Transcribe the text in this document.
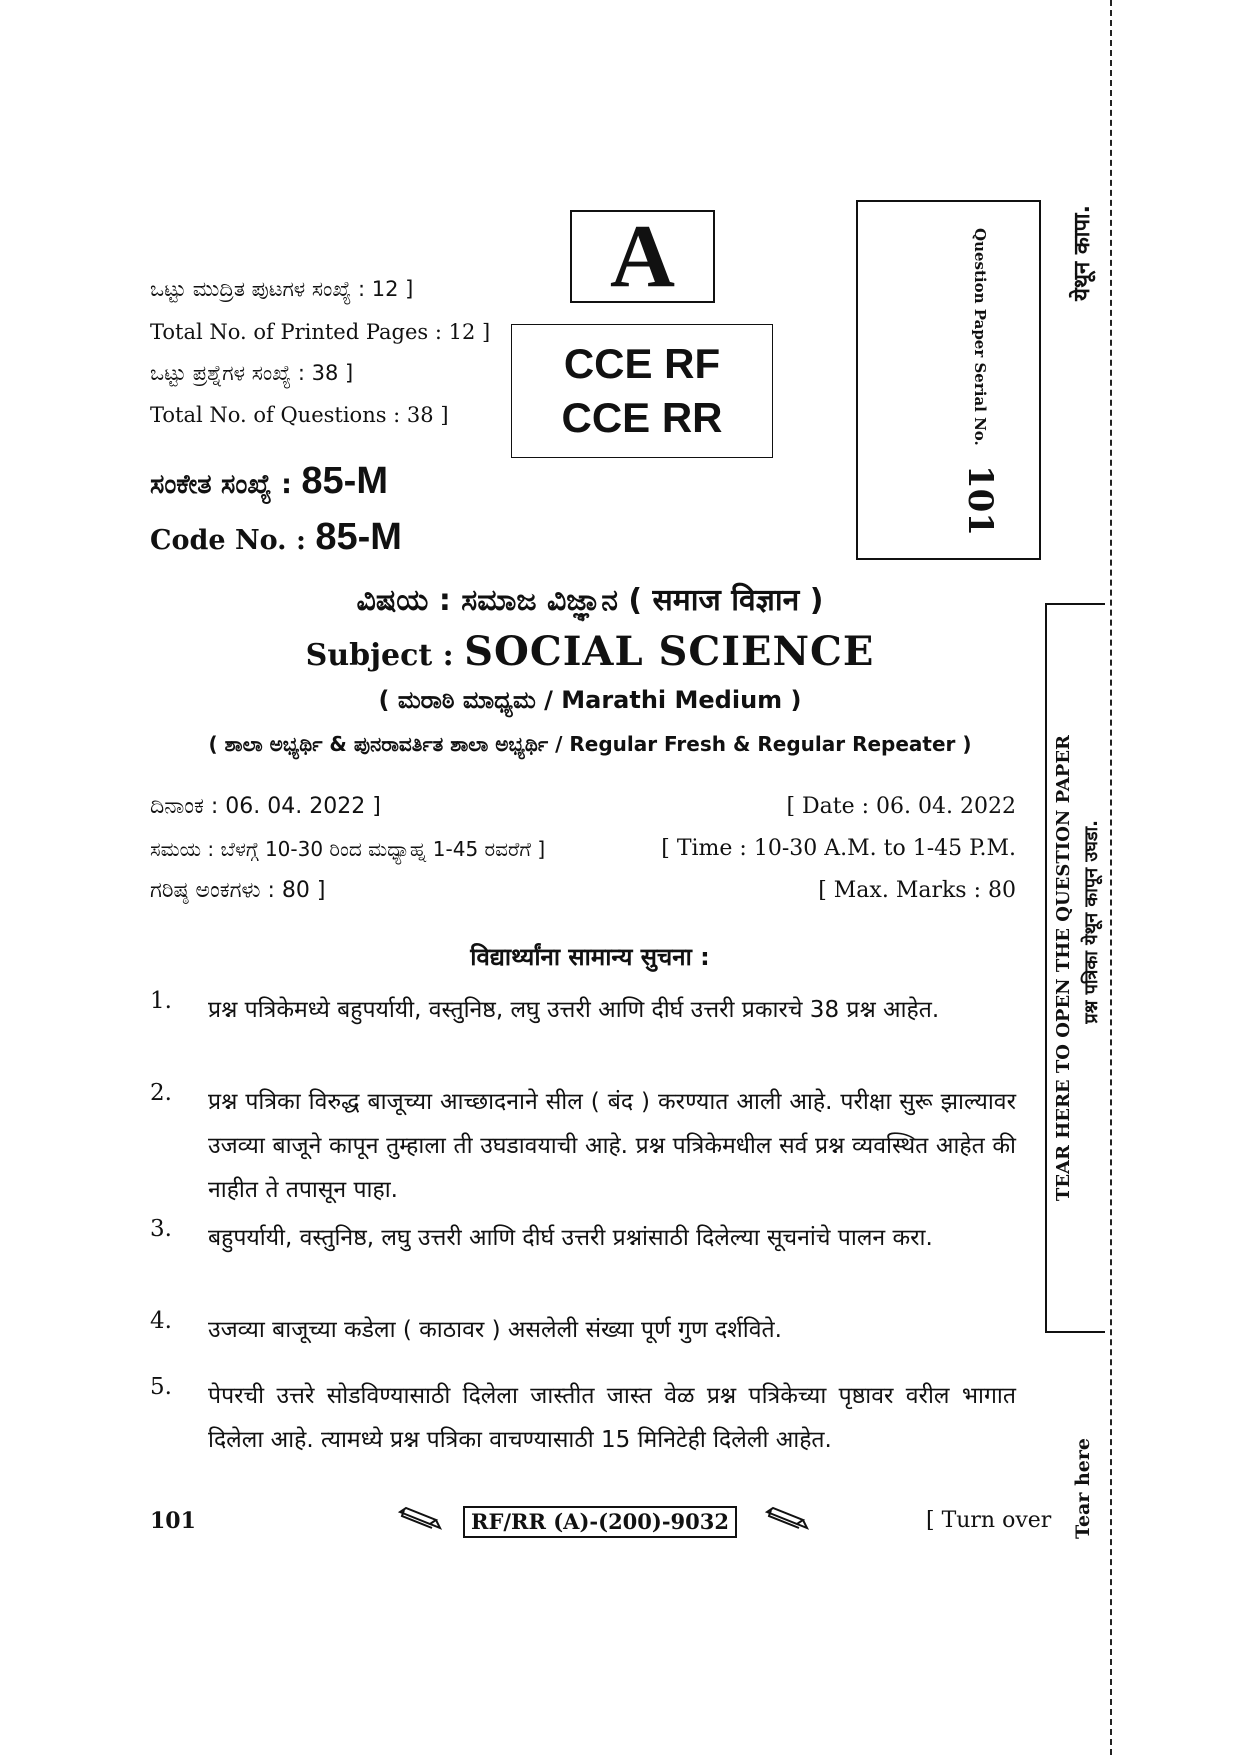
ಒಟ್ಟು ಮುದ್ರಿತ ಪುಟಗಳ ಸಂಖ್ಯೆ : 12 ]
Total No. of Printed Pages : 12 ]
ಒಟ್ಟು ಪ್ರಶ್ನೆಗಳ ಸಂಖ್ಯೆ : 38 ]
Total No. of Questions : 38 ]
ಸಂಕೇತ ಸಂಖ್ಯೆ : 85-M
Code No. : 85-M
A
CCE RF
CCE RR	Question Paper Serial No. 101
येथून कापा.
TEAR HERE TO OPEN THE QUESTION PAPER प्रश्न पत्रिका येथून कापून उघडा.
Tear here
ವಿಷಯ : ಸಮಾಜ ವಿಜ್ಞಾನ ( समाज विज्ञान )
Subject : SOCIAL SCIENCE
( ಮರಾಠಿ ಮಾಧ್ಯಮ / Marathi Medium )
( ಶಾಲಾ ಅಭ್ಯರ್ಥಿ & ಪುನರಾವರ್ತಿತ ಶಾಲಾ ಅಭ್ಯರ್ಥಿ / Regular Fresh & Regular Repeater )
ದಿನಾಂಕ : 06. 04. 2022 ]	[ Date : 06. 04. 2022
ಸಮಯ : ಬೆಳಗ್ಗೆ 10-30 ರಿಂದ ಮಧ್ಯಾಹ್ನ 1-45 ರವರೆಗೆ ]	[ Time : 10-30 A.M. to 1-45 P.M.
ಗರಿಷ್ಠ ಅಂಕಗಳು : 80 ]	[ Max. Marks : 80
विद्यार्थ्यांना सामान्य सुचना :
1. प्रश्न पत्रिकेमध्ये बहुपर्यायी, वस्तुनिष्ठ, लघु उत्तरी आणि दीर्घ उत्तरी प्रकारचे 38 प्रश्न आहेत.
2. प्रश्न पत्रिका विरुद्ध बाजूच्या आच्छादनाने सील ( बंद ) करण्यात आली आहे. परीक्षा सुरू झाल्यावर उजव्या बाजूने कापून तुम्हाला ती उघडावयाची आहे. प्रश्न पत्रिकेमधील सर्व प्रश्न व्यवस्थित आहेत की नाहीत ते तपासून पाहा.
3. बहुपर्यायी, वस्तुनिष्ठ, लघु उत्तरी आणि दीर्घ उत्तरी प्रश्नांसाठी दिलेल्या सूचनांचे पालन करा.
4. उजव्या बाजूच्या कडेला ( काठावर ) असलेली संख्या पूर्ण गुण दर्शविते.
5. पेपरची उत्तरे सोडविण्यासाठी दिलेला जास्तीत जास्त वेळ प्रश्न पत्रिकेच्या पृष्ठावर वरील भागात दिलेला आहे. त्यामध्ये प्रश्न पत्रिका वाचण्यासाठी 15 मिनिटेही दिलेली आहेत.
101	RF/RR (A)-(200)-9032	[ Turn over
